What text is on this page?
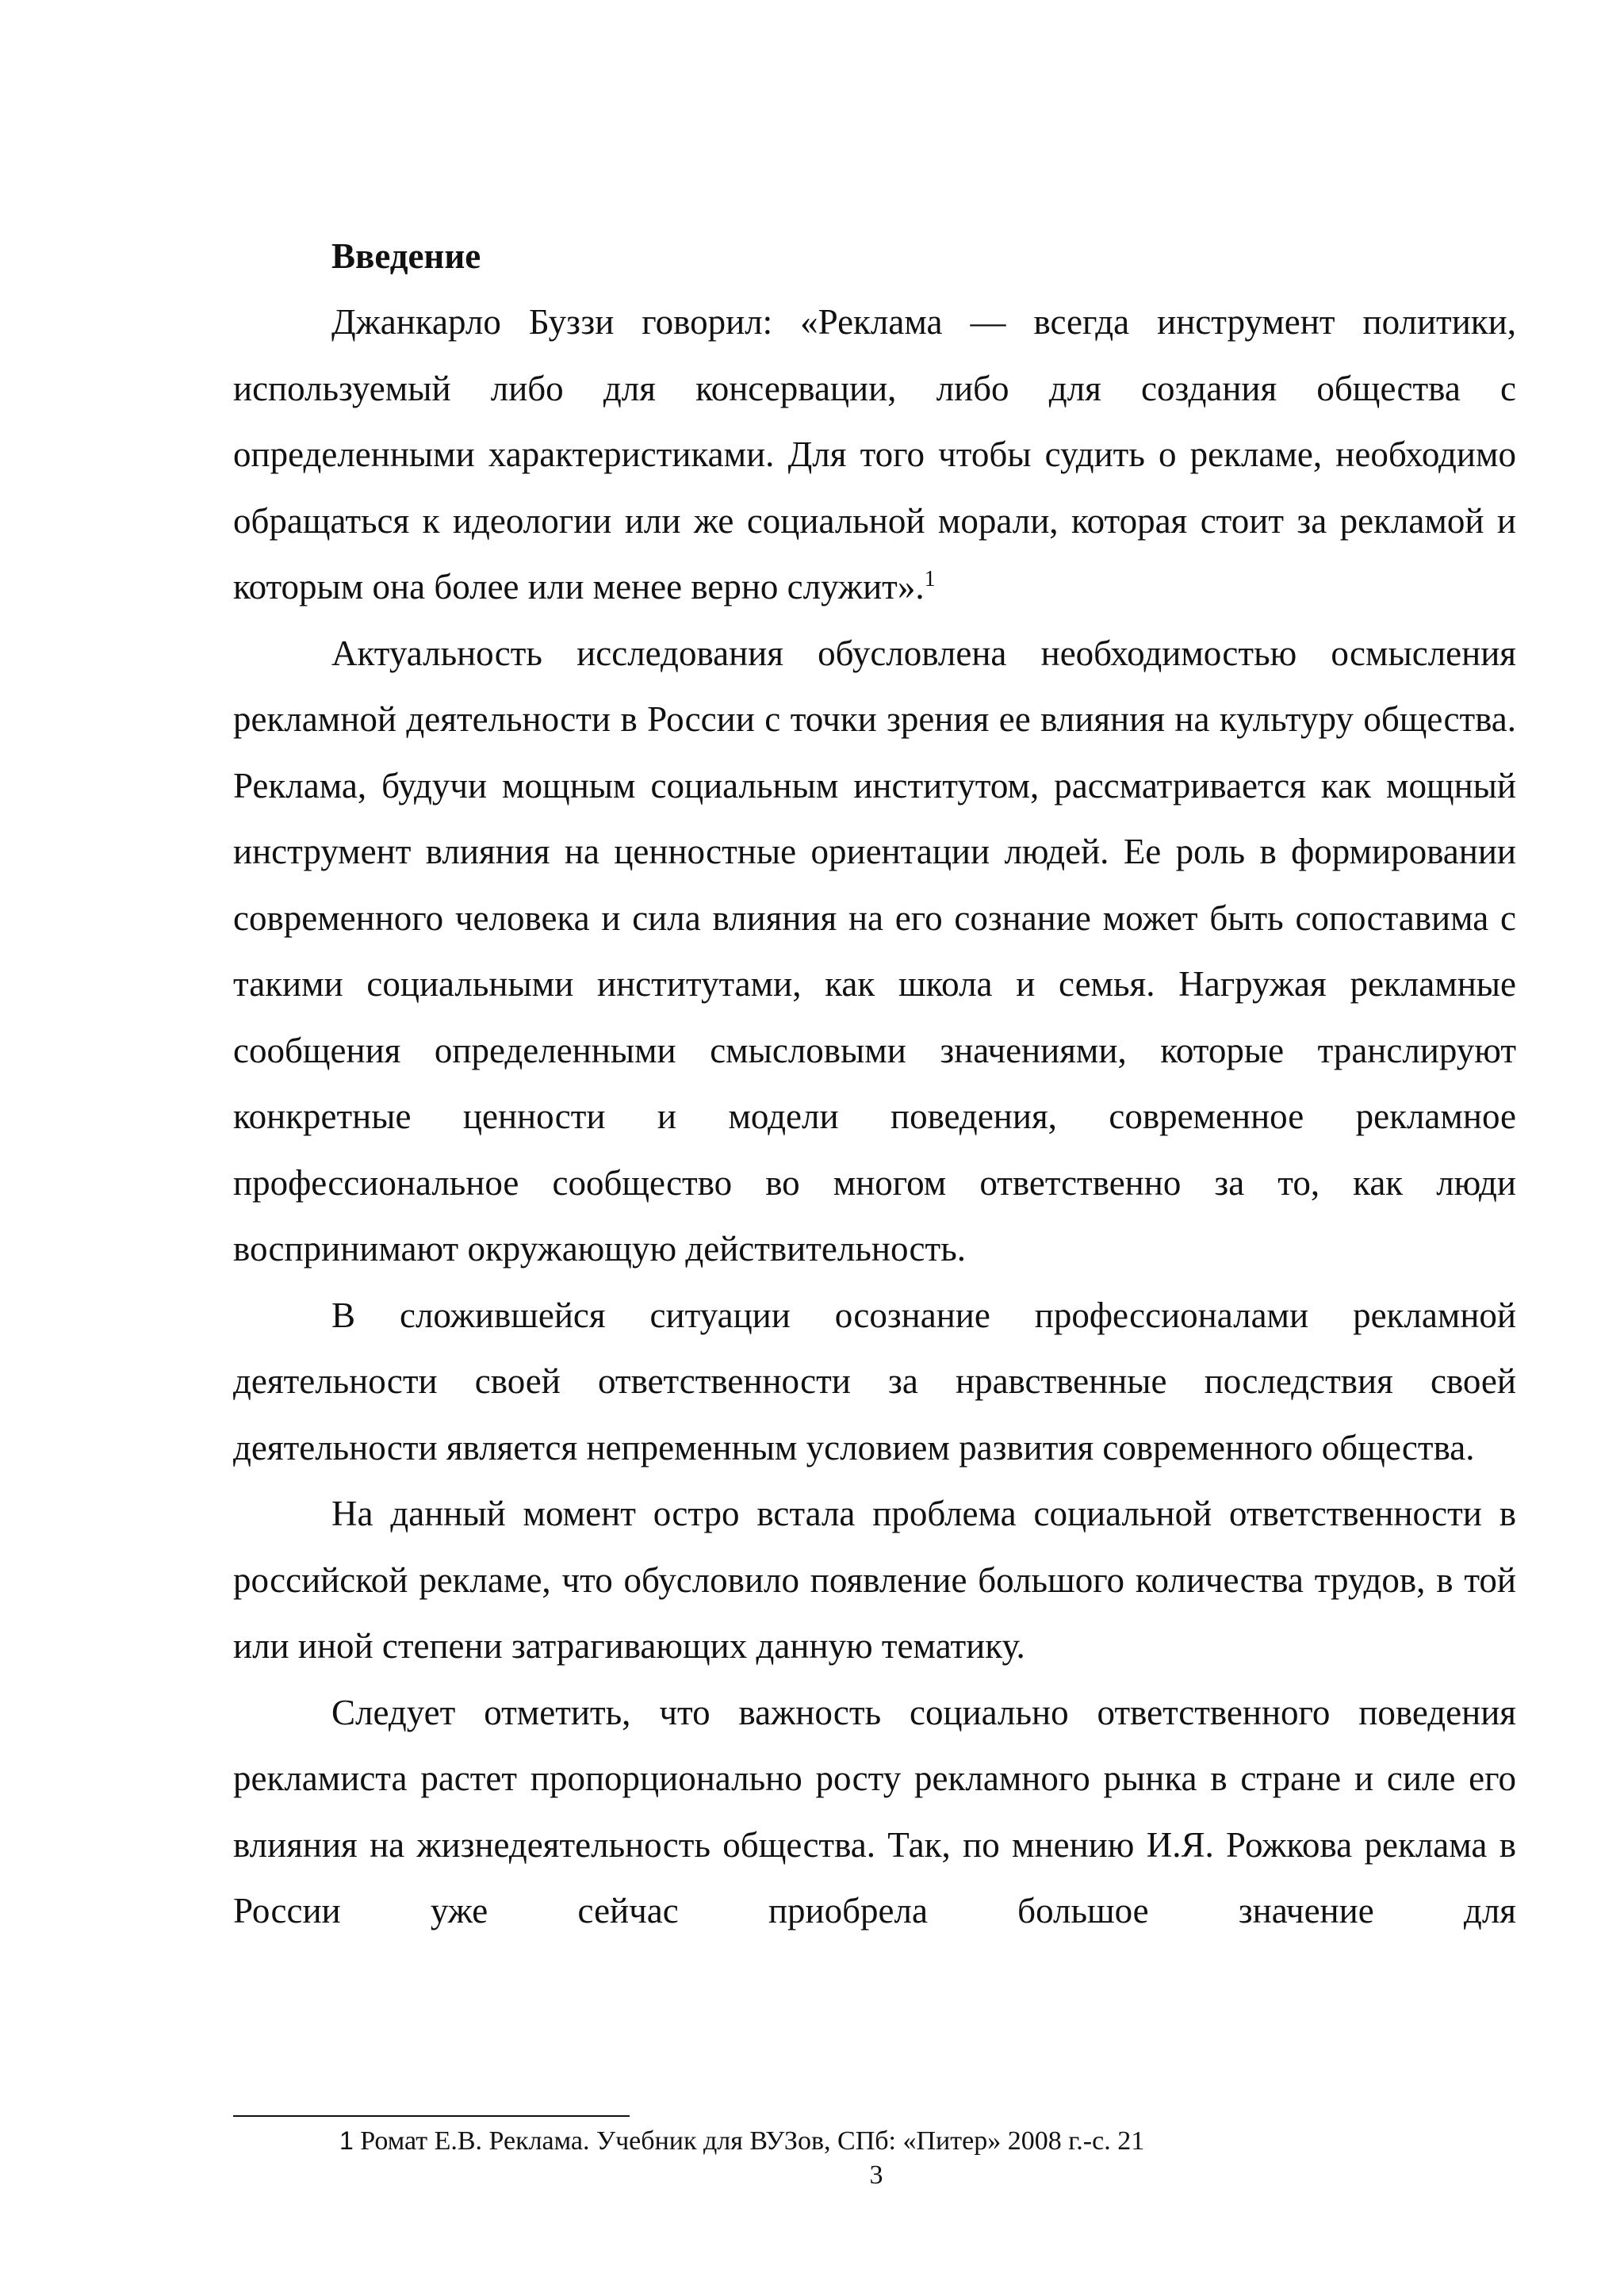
Введение

Джанкарло Буззи говорил: «Реклама — всегда инструмент политики, используемый либо для консервации, либо для создания общества с определенными характеристиками. Для того чтобы судить о рекламе, необходимо обращаться к идеологии или же социальной морали, которая стоит за рекламой и которым она более или менее верно служит».$^1$

Актуальность исследования обусловлена необходимостью осмысления рекламной деятельности в России с точки зрения ее влияния на культуру общества. Реклама, будучи мощным социальным институтом, рассматривается как мощный инструмент влияния на ценностные ориентации людей. Ее роль в формировании современного человека и сила влияния на его сознание может быть сопоставима с такими социальными институтами, как школа и семья. Нагружая рекламные сообщения определенными смысловыми значениями, которые транслируют конкретные ценности и модели поведения, современное рекламное профессиональное сообщество во многом ответственно за то, как люди воспринимают окружающую действительность.

В сложившейся ситуации осознание профессионалами рекламной деятельности своей ответственности за нравственные последствия своей деятельности является непременным условием развития современного общества.

На данный момент остро встала проблема социальной ответственности в российской рекламе, что обусловило появление большого количества трудов, в той или иной степени затрагивающих данную тематику.

Следует отметить, что важность социально ответственного поведения рекламиста растет пропорционально росту рекламного рынка в стране и силе его влияния на жизнедеятельность общества. Так, по мнению И.Я. Рожкова реклама в России уже сейчас приобрела большое значение для

1 Ромат Е.В. Реклама. Учебник для ВУЗов, СПб: «Питер» 2008 г.-с. 21
3
